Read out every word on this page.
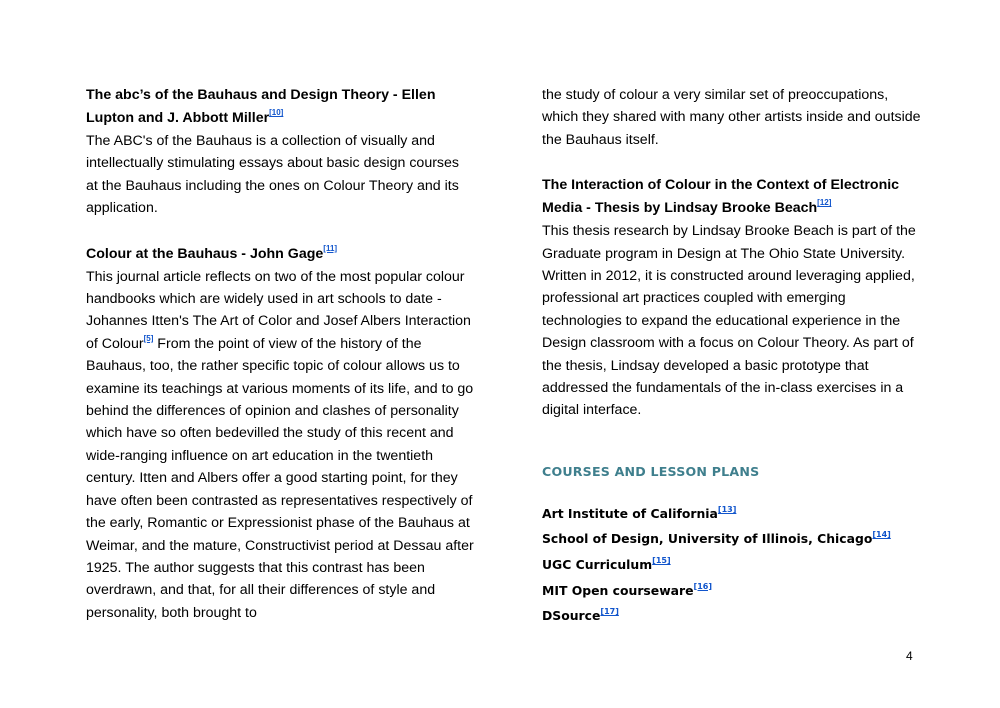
The abc’s of the Bauhaus and Design Theory - Ellen Lupton and J. Abbott Miller[10]

The ABC's of the Bauhaus is a collection of visually and intellectually stimulating essays about basic design courses at the Bauhaus including the ones on Colour Theory and its application.

Colour at the Bauhaus - John Gage[11]

This journal article reflects on two of the most popular colour handbooks which are widely used in art schools to date - Johannes Itten's The Art of Color and Josef Albers Interaction of Colour[5] From the point of view of the history of the Bauhaus, too, the rather specific topic of colour allows us to examine its teachings at various moments of its life, and to go behind the differences of opinion and clashes of personality which have so often bedevilled the study of this recent and wide-ranging influence on art education in the twentieth century. Itten and Albers offer a good starting point, for they have often been contrasted as representatives respectively of the early, Romantic or Expressionist phase of the Bauhaus at Weimar, and the mature, Constructivist period at Dessau after 1925. The author suggests that this contrast has been overdrawn, and that, for all their differences of style and personality, both brought to

the study of colour a very similar set of preoccupations, which they shared with many other artists inside and outside the Bauhaus itself.

The Interaction of Colour in the Context of Electronic Media - Thesis by Lindsay Brooke Beach[12]

This thesis research by Lindsay Brooke Beach is part of the Graduate program in Design at The Ohio State University. Written in 2012, it is constructed around leveraging applied, professional art practices coupled with emerging technologies to expand the educational experience in the Design classroom with a focus on Colour Theory. As part of the thesis, Lindsay developed a basic prototype that addressed the fundamentals of the in-class exercises in a digital interface.

COURSES AND LESSON PLANS

Art Institute of California[13]

School of Design, University of Illinois, Chicago[14]

UGC Curriculum[15]

MIT Open courseware[16]

DSource[17]

4
